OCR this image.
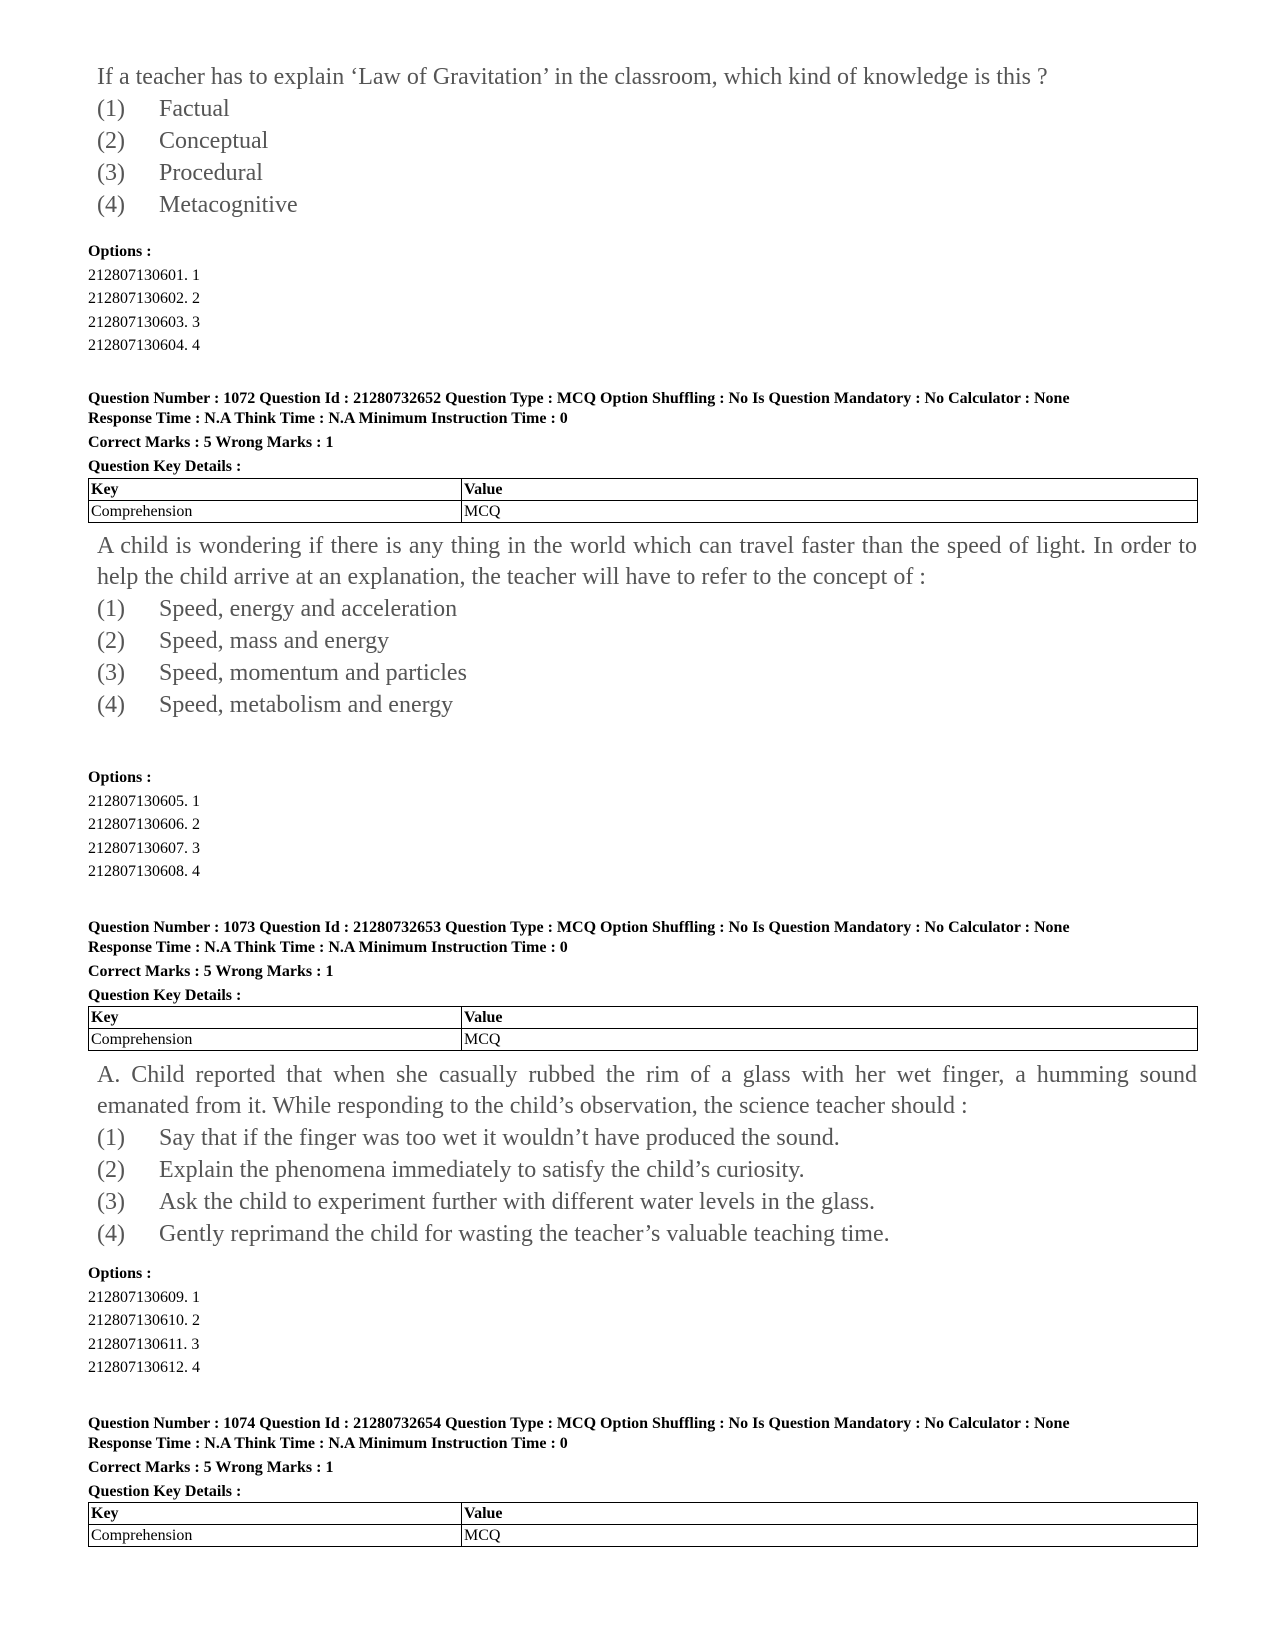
If a teacher has to explain ‘Law of Gravitation’ in the classroom, which kind of knowledge is this ?
(1)	Factual
(2)	Conceptual
(3)	Procedural
(4)	Metacognitive
Options :
212807130601. 1
212807130602. 2
212807130603. 3
212807130604. 4
Question Number : 1072 Question Id : 21280732652 Question Type : MCQ Option Shuffling : No Is Question Mandatory : No Calculator : None
Response Time : N.A Think Time : N.A Minimum Instruction Time : 0
Correct Marks : 5 Wrong Marks : 1
Question Key Details :
Key	Value
Comprehension	MCQ
A child is wondering if there is any thing in the world which can travel faster than the speed of light. In order to help the child arrive at an explanation, the teacher will have to refer to the concept of :
(1)	Speed, energy and acceleration
(2)	Speed, mass and energy
(3)	Speed, momentum and particles
(4)	Speed, metabolism and energy
Options :
212807130605. 1
212807130606. 2
212807130607. 3
212807130608. 4
Question Number : 1073 Question Id : 21280732653 Question Type : MCQ Option Shuffling : No Is Question Mandatory : No Calculator : None
Response Time : N.A Think Time : N.A Minimum Instruction Time : 0
Correct Marks : 5 Wrong Marks : 1
Question Key Details :
Key	Value
Comprehension	MCQ
A. Child reported that when she casually rubbed the rim of a glass with her wet finger, a humming sound emanated from it. While responding to the child’s observation, the science teacher should :
(1)	Say that if the finger was too wet it wouldn’t have produced the sound.
(2)	Explain the phenomena immediately to satisfy the child’s curiosity.
(3)	Ask the child to experiment further with different water levels in the glass.
(4)	Gently reprimand the child for wasting the teacher’s valuable teaching time.
Options :
212807130609. 1
212807130610. 2
212807130611. 3
212807130612. 4
Question Number : 1074 Question Id : 21280732654 Question Type : MCQ Option Shuffling : No Is Question Mandatory : No Calculator : None
Response Time : N.A Think Time : N.A Minimum Instruction Time : 0
Correct Marks : 5 Wrong Marks : 1
Question Key Details :
Key	Value
Comprehension	MCQ
